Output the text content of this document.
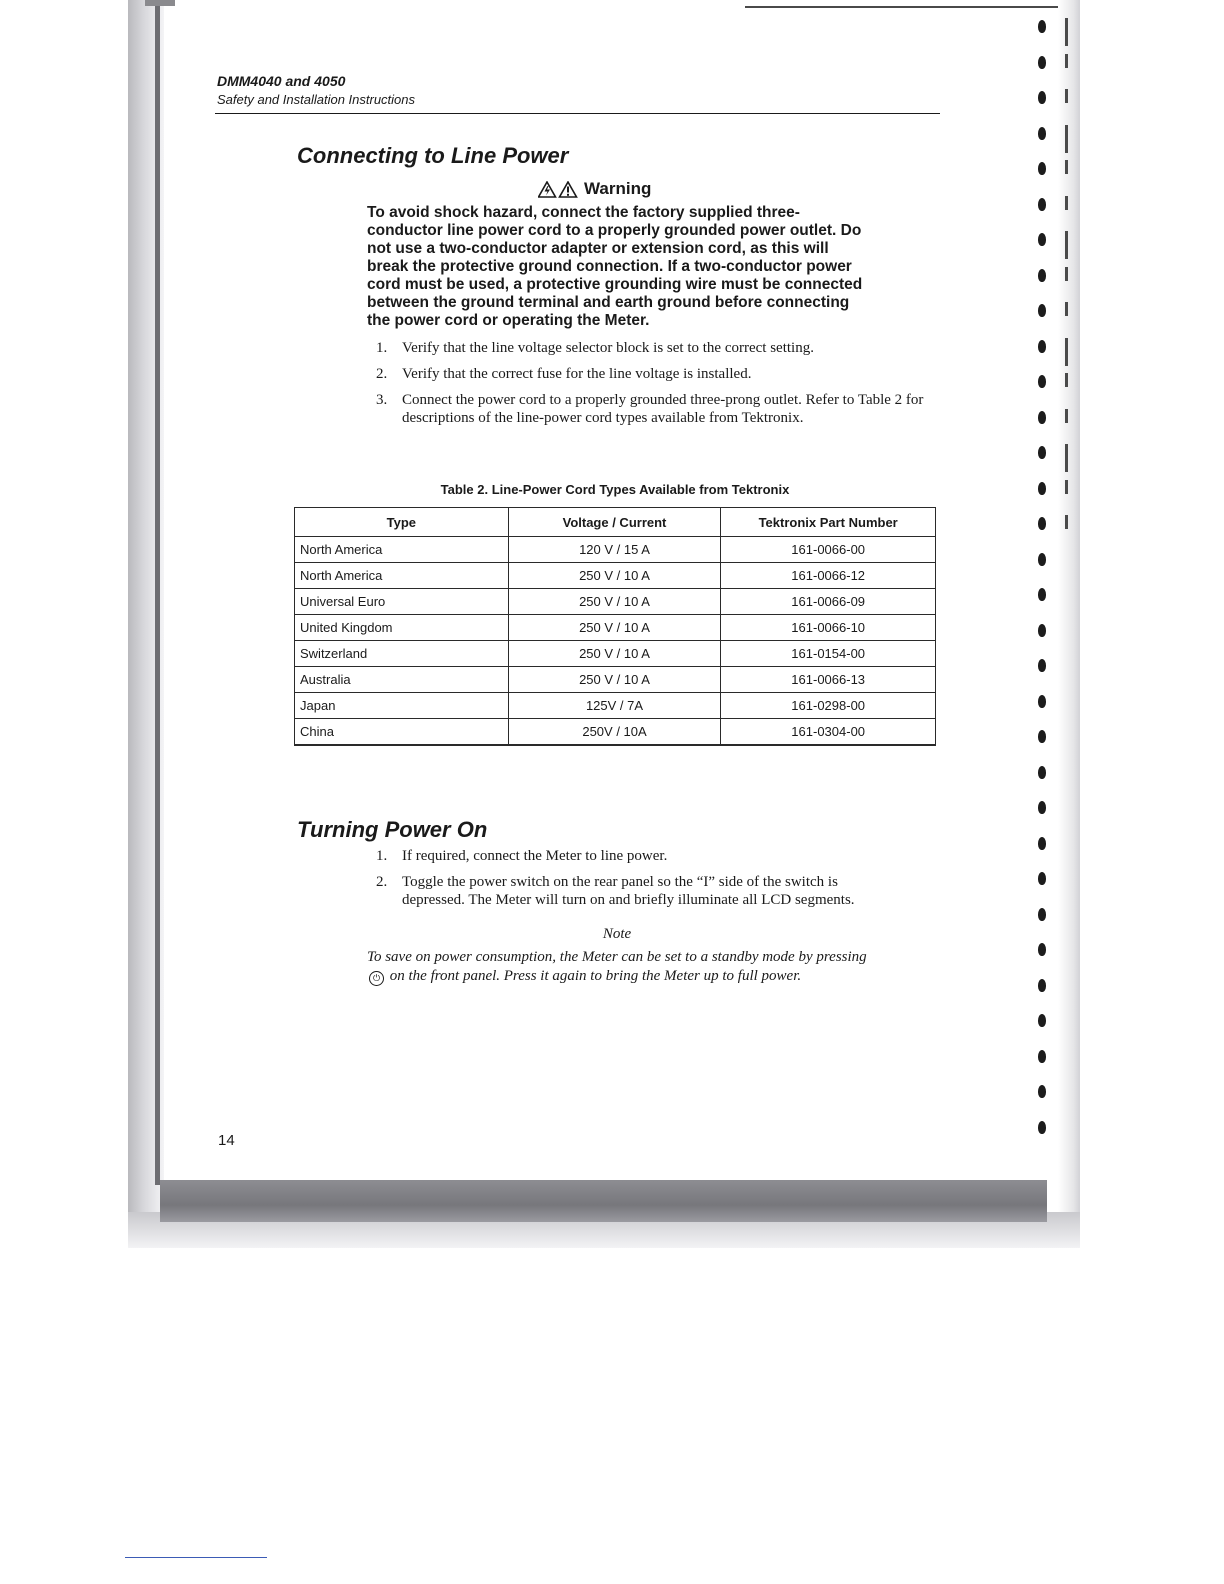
DMM4040 and 4050
Safety and Installation Instructions
Connecting to Line Power
Warning
To avoid shock hazard, connect the factory supplied three-conductor line power cord to a properly grounded power outlet. Do not use a two-conductor adapter or extension cord, as this will break the protective ground connection. If a two-conductor power cord must be used, a protective grounding wire must be connected between the ground terminal and earth ground before connecting the power cord or operating the Meter.
1. Verify that the line voltage selector block is set to the correct setting.
2. Verify that the correct fuse for the line voltage is installed.
3. Connect the power cord to a properly grounded three-prong outlet. Refer to Table 2 for descriptions of the line-power cord types available from Tektronix.
Table 2. Line-Power Cord Types Available from Tektronix
Type	Voltage / Current	Tektronix Part Number
North America	120 V / 15 A	161-0066-00
North America	250 V / 10 A	161-0066-12
Universal Euro	250 V / 10 A	161-0066-09
United Kingdom	250 V / 10 A	161-0066-10
Switzerland	250 V / 10 A	161-0154-00
Australia	250 V / 10 A	161-0066-13
Japan	125V / 7A	161-0298-00
China	250V / 10A	161-0304-00
Turning Power On
1. If required, connect the Meter to line power.
2. Toggle the power switch on the rear panel so the “I” side of the switch is depressed. The Meter will turn on and briefly illuminate all LCD segments.
Note
To save on power consumption, the Meter can be set to a standby mode by pressing ⏻ on the front panel. Press it again to bring the Meter up to full power.
14
